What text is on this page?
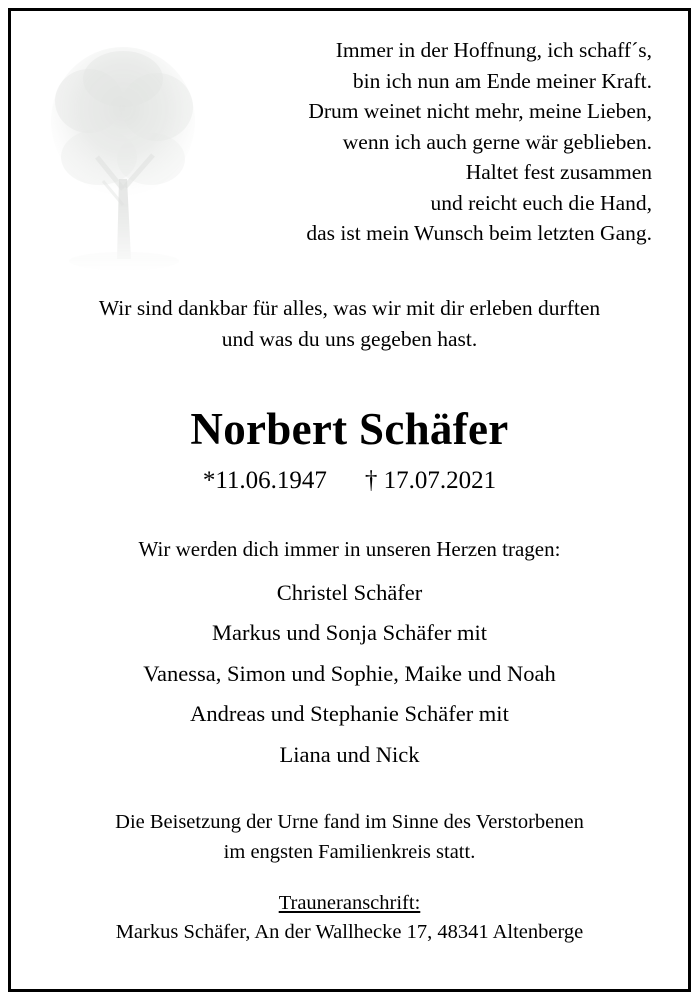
Immer in der Hoffnung, ich schaff´s,
bin ich nun am Ende meiner Kraft.
Drum weinet nicht mehr, meine Lieben,
wenn ich auch gerne wär geblieben.
Haltet fest zusammen
und reicht euch die Hand,
das ist mein Wunsch beim letzten Gang.
Wir sind dankbar für alles, was wir mit dir erleben durften
und was du uns gegeben hast.
Norbert Schäfer
*11.06.1947 † 17.07.2021
Wir werden dich immer in unseren Herzen tragen:
Christel Schäfer
Markus und Sonja Schäfer mit
Vanessa, Simon und Sophie, Maike und Noah
Andreas und Stephanie Schäfer mit
Liana und Nick
Die Beisetzung der Urne fand im Sinne des Verstorbenen
im engsten Familienkreis statt.
Trauneranschrift:
Markus Schäfer, An der Wallhecke 17, 48341 Altenberge
